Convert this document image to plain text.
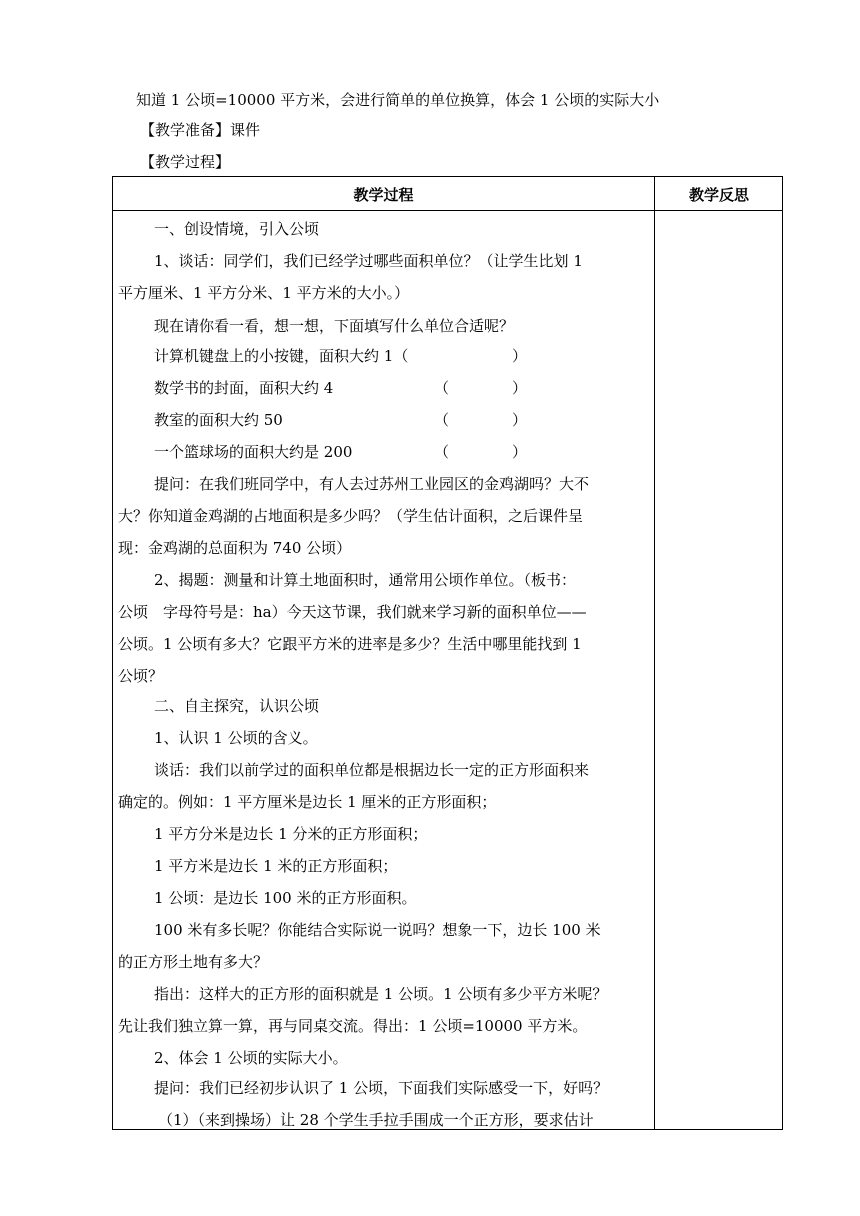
知道 1 公顷=10000 平方米，会进行简单的单位换算，体会 1 公顷的实际大小
【教学准备】课件
【教学过程】
教学过程	教学反思
一、创设情境，引入公顷
1、谈话：同学们，我们已经学过哪些面积单位？（让学生比划 1
平方厘米、1 平方分米、1 平方米的大小。）
现在请你看一看，想一想，下面填写什么单位合适呢？
计算机键盘上的小按键，面积大约 1（	）
数学书的封面，面积大约 4	（	）
教室的面积大约 50	（	）
一个篮球场的面积大约是 200	（	）
提问：在我们班同学中，有人去过苏州工业园区的金鸡湖吗？大不
大？你知道金鸡湖的占地面积是多少吗？（学生估计面积，之后课件呈
现：金鸡湖的总面积为 740 公顷）
2、揭题：测量和计算土地面积时，通常用公顷作单位。（板书：
公顷　字母符号是：ha）今天这节课，我们就来学习新的面积单位——
公顷。1 公顷有多大？它跟平方米的进率是多少？生活中哪里能找到 1
公顷？
二、自主探究，认识公顷
1、认识 1 公顷的含义。
谈话：我们以前学过的面积单位都是根据边长一定的正方形面积来
确定的。例如：1 平方厘米是边长 1 厘米的正方形面积；
1 平方分米是边长 1 分米的正方形面积；
1 平方米是边长 1 米的正方形面积；
1 公顷：是边长 100 米的正方形面积。
100 米有多长呢？你能结合实际说一说吗？想象一下，边长 100 米
的正方形土地有多大？
指出：这样大的正方形的面积就是 1 公顷。1 公顷有多少平方米呢？
先让我们独立算一算，再与同桌交流。得出：1 公顷=10000 平方米。
2、体会 1 公顷的实际大小。
提问：我们已经初步认识了 1 公顷，下面我们实际感受一下，好吗？
（1）（来到操场）让 28 个学生手拉手围成一个正方形，要求估计
